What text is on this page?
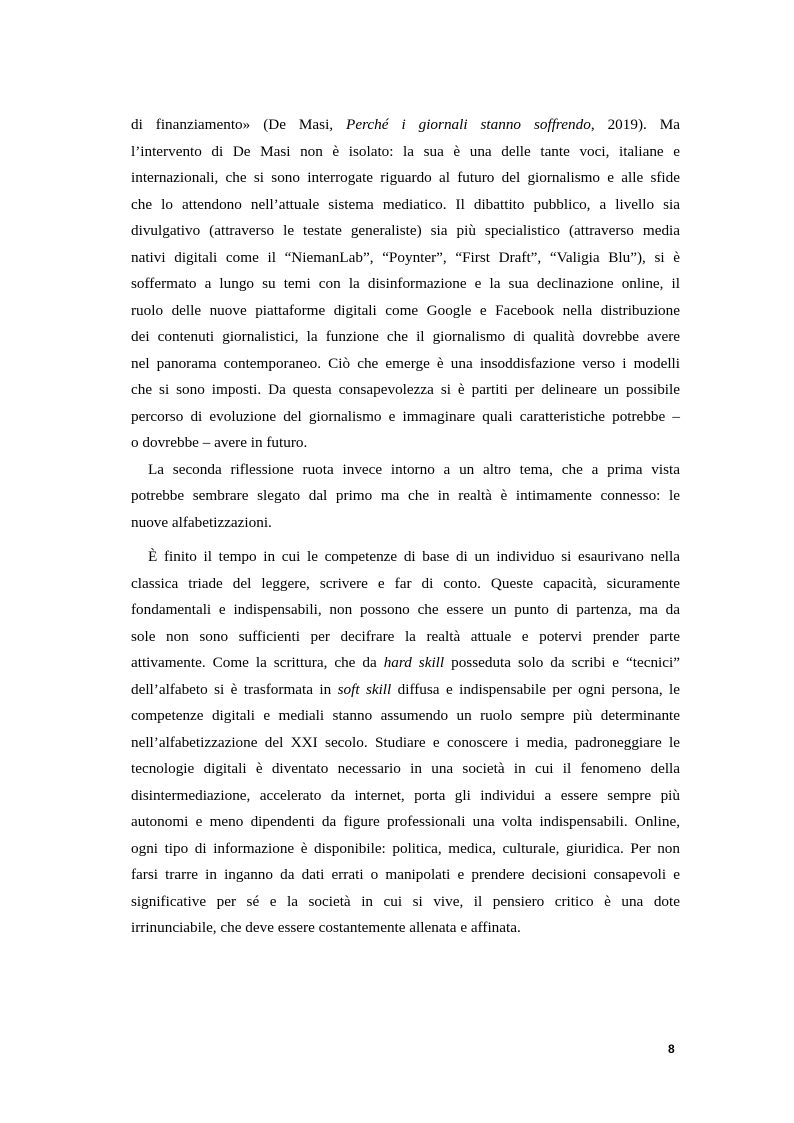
di finanziamento» (De Masi, Perché i giornali stanno soffrendo, 2019). Ma
l’intervento di De Masi non è isolato: la sua è una delle tante voci, italiane e
internazionali, che si sono interrogate riguardo al futuro del giornalismo e alle sfide
che lo attendono nell’attuale sistema mediatico. Il dibattito pubblico, a livello sia
divulgativo (attraverso le testate generaliste) sia più specialistico (attraverso media
nativi digitali come il “NiemanLab”, “Poynter”, “First Draft”, “Valigia Blu”), si è
soffermato a lungo su temi con la disinformazione e la sua declinazione online, il
ruolo delle nuove piattaforme digitali come Google e Facebook nella distribuzione
dei contenuti giornalistici, la funzione che il giornalismo di qualità dovrebbe avere
nel panorama contemporaneo. Ciò che emerge è una insoddisfazione verso i modelli
che si sono imposti. Da questa consapevolezza si è partiti per delineare un possibile
percorso di evoluzione del giornalismo e immaginare quali caratteristiche potrebbe –
o dovrebbe – avere in futuro.
La seconda riflessione ruota invece intorno a un altro tema, che a prima vista
potrebbe sembrare slegato dal primo ma che in realtà è intimamente connesso: le
nuove alfabetizzazioni.
È finito il tempo in cui le competenze di base di un individuo si esaurivano nella
classica triade del leggere, scrivere e far di conto. Queste capacità, sicuramente
fondamentali e indispensabili, non possono che essere un punto di partenza, ma da
sole non sono sufficienti per decifrare la realtà attuale e potervi prender parte
attivamente. Come la scrittura, che da hard skill posseduta solo da scribi e “tecnici”
dell’alfabeto si è trasformata in soft skill diffusa e indispensabile per ogni persona, le
competenze digitali e mediali stanno assumendo un ruolo sempre più determinante
nell’alfabetizzazione del XXI secolo. Studiare e conoscere i media, padroneggiare le
tecnologie digitali è diventato necessario in una società in cui il fenomeno della
disintermediazione, accelerato da internet, porta gli individui a essere sempre più
autonomi e meno dipendenti da figure professionali una volta indispensabili. Online,
ogni tipo di informazione è disponibile: politica, medica, culturale, giuridica. Per non
farsi trarre in inganno da dati errati o manipolati e prendere decisioni consapevoli e
significative per sé e la società in cui si vive, il pensiero critico è una dote
irrinunciabile, che deve essere costantemente allenata e affinata.
8
